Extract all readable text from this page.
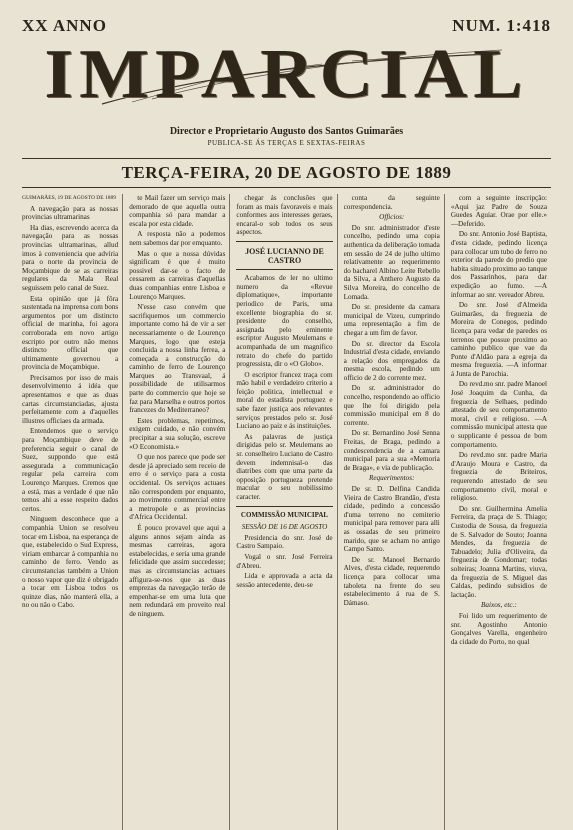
XX ANNO	NUM. 1:418
IMPARCIAL
Director e Proprietario Augusto dos Santos Guimarães
PUBLICA-SE ÁS TERÇAS E SEXTAS-FEIRAS
TERÇA-FEIRA, 20 DE AGOSTO DE 1889

GUIMARÃES, 19 DE AGOSTO DE 1889

A navegação para as nossas provincias ultramarinas

Ha dias, escrevendo acerca da navegação para as nossas provincias ultramarinas, allud imos à conveniencia que advíria para o norte da provincia de Moçambique de se as carreiras regulares da Mala Real seguissem pelo canal de Suez.

Esta opinião que já fôra sustentada na imprensa com bons argumentos por um distincto official de marinha, foi agora corroborada em novo artigo escripto por outro não menos distincto official que ultimamente governou a provincia de Moçambique.

Precisamos por isso de mais desenvolvimento á idéa que apresentamos e que as duas cartas circumstanciadas, ajusta perfeitamente com a d'aquelles illustres officiaes da armada.

Entendemos que o serviço para Moçambique deve de preferencia seguir o canal de Suez, suppondo que está assegurada a communicação regular pela carreira com Lourenço Marques. Cremos que a está, mas a verdade é que não temos ahi a esse respeito dados certos.

Ninguem desconhece que a companhia Union se resolveu tocar em Lisboa, na esperança de que, estabelecido o Sud Express, viriam embarcar á companhia no caminho de ferro. Vendo as circumstancias também a Union o nosso vapor que diz é obrigado a tocar em Lisboa todos os quinze dias, não manterá ella, a no ou não o Cabo.

te Mail fazer um serviço mais demorado de que aquella outra companhia só para mandar a escala por esta cidade.

A resposta não a podemos nem sabemos dar por emquanto.

Mas o que a nossa dúvidas significam é que é muito possivel dar-se o facto de cessarem as carreiras d'aquellas duas companhias entre Lisboa e Lourenço Marques.

N'esse caso convém que sacrifiquemos um commercio importante como há de vir a ser necessariamente o de Lourenço Marques, logo que esteja concluida a nossa linha ferrea, a começada a construcção do caminho de ferro de Lourenço Marques ao Transvaal, á possibilidade de utilisarmos parte do commercio que hoje se faz para Marselha e outros portos francezes do Mediterraneo?

Estes problemas, repetimos, exigem cuidado, e não convém precipitar a sua solução, escreve «O Economista.»

O que nos parece que pode ser desde já apreciado sem receio de erro é o serviço para a costa occidental. Os serviços actuaes não correspondem por enquanto, ao movimento commercial entre a metropole e as provincias d'Africa Occidental.

É pouco provavel que aqui a alguns annos sejam ainda as mesmas carreiras, agora estabelecidas, e seria uma grande felicidade que assim succedesse; mas as circumstancias actuaes affigura-se-nos que as duas emprezas da navegação terão de empenhar-se em uma luta que nem redundará em proveito real de ninguem.

chegar ás conclusões que foram as mais favoraveis e mais conformes aos interesses geraes, encaral-o sob todos os seus aspectos.

JOSÉ LUCIANNO DE CASTRO

Acabamos de ler no ultimo numero da «Revue diplomatique», importante periodico de Paris, uma excellente biographia do sr. presidente do conselho, assignada pelo eminente escriptor Augusto Meulemans e acompanhada de um magnifico retrato do chefe do partido progressista, dir o «O Globo».

O escriptor francez traça com mão habil e verdadeiro criterio a feição politica, intellectual e moral do estadista portuguez e sabe fazer justiça aos relevantes serviços prestados pelo sr. José Luciano ao paiz e ás instituições.

As palavras de justiça dirigidas pelo sr. Meulemans ao sr. conselheiro Luciano de Castro devem indemnisal-o das diatribes com que uma parte da opposição portugueza pretende macular o seu nobilissimo caracter.

COMMISSÃO MUNICIPAL

SESSÃO DE 16 DE AGOSTO

Presidencia do snr. José de Castro Sampaio.

Vogal o snr. José Ferreira d'Abreu.

Lida e approvada a acta da sessão antecedente, deu-se

conta da seguinte correspondencia.

Officios:

Do snr. administrador d'este concelho, pedindo uma copia authentica da deliberação tomada em sessão de 24 de julho ultimo relativamente ao requerimento do bacharel Albino Leite Rebello da Silva, a Anthero Augusto da Silva Moreira, do concelho de Lomada.

Do sr. presidente da camara municipal de Vizeu, cumprindo uma representação a fim de chegar a um fim de favor.

Do sr. director da Escola Industrial d'esta cidade, enviando a relação dos empregados da mesma escola, pedindo um officio de 2 do corrente mez.

Do sr. administrador do concelho, respondendo ao officio que lhe foi dirigido pela commissão municipal em 8 do corrente.

Do sr. Bernardino José Senna Freitas, de Braga, pedindo a condescendencia de a camara municipal para a sua «Memoria de Braga», e vía de publicação.

Requerimentos:

De sr. D. Delfina Candida Vieira de Castro Brandão, d'esta cidade, pedindo a concessão d'uma terreno no cemiterio municipal para remover para alli as ossadas de seu primeiro marido, que se acham no antigo Campo Santo.

De sr. Manoel Bernardo Alves, d'esta cidade, requerendo licença para collocar uma taboleta na frente do seu estabelecimento á rua de S. Dámaso.

com a seguinte inscripção: «Aqui jaz Padre de Souza Guedes Aguiar. Orae por elle.» —Deferido.

Do snr. Antonio José Baptista, d'esta cidade, pedindo licença para collocar um tubo de ferro no exterior da parede do predio que habita situado proximo ao tanque dos Passarinhos, para dar expedição ao fumo. —A informar ao snr. vereador Abreu.

Do snr. José d'Almeida Guimarães, da freguezia de Moreira de Conegos, pedindo licença para vedar de paredes os terrenos que possue proximo ao caminho publico que vae da Ponte d'Aldão para a egreja da mesma freguezia. —A informar á Junta de Parochia.

Do revd.mo snr. padre Manoel José Joaquim da Cunha, da freguezia de Selhaes, pedindo attestado de seu comportamento moral, civil e religioso. —A commissão municipal attesta que o supplicante é pessoa de bom comportamento.

Do revd.mo snr. padre Maria d'Araujo Moura e Castro, da freguezia de Briteiros, requerendo attestado de seu comportamento civil, moral e religioso.

Do snr. Guilhermina Amelia Ferreira, da praça de S. Thiago; Custodia de Sousa, da freguezia de S. Salvador de Souto; Joanna Mendes, da freguezia de Tabuadelo; Julia d'Oliveira, da freguezia de Gondomar; todas solteiras; Joanna Martins, viuva, da freguezia de S. Miguel das Caldas, pedindo subsidios de lactação.

Baixos, etc.:

Foi lido um requerimento de snr. Agostinho Antonio Gonçalves Varella, engenheiro da cidade do Porto, no qual
